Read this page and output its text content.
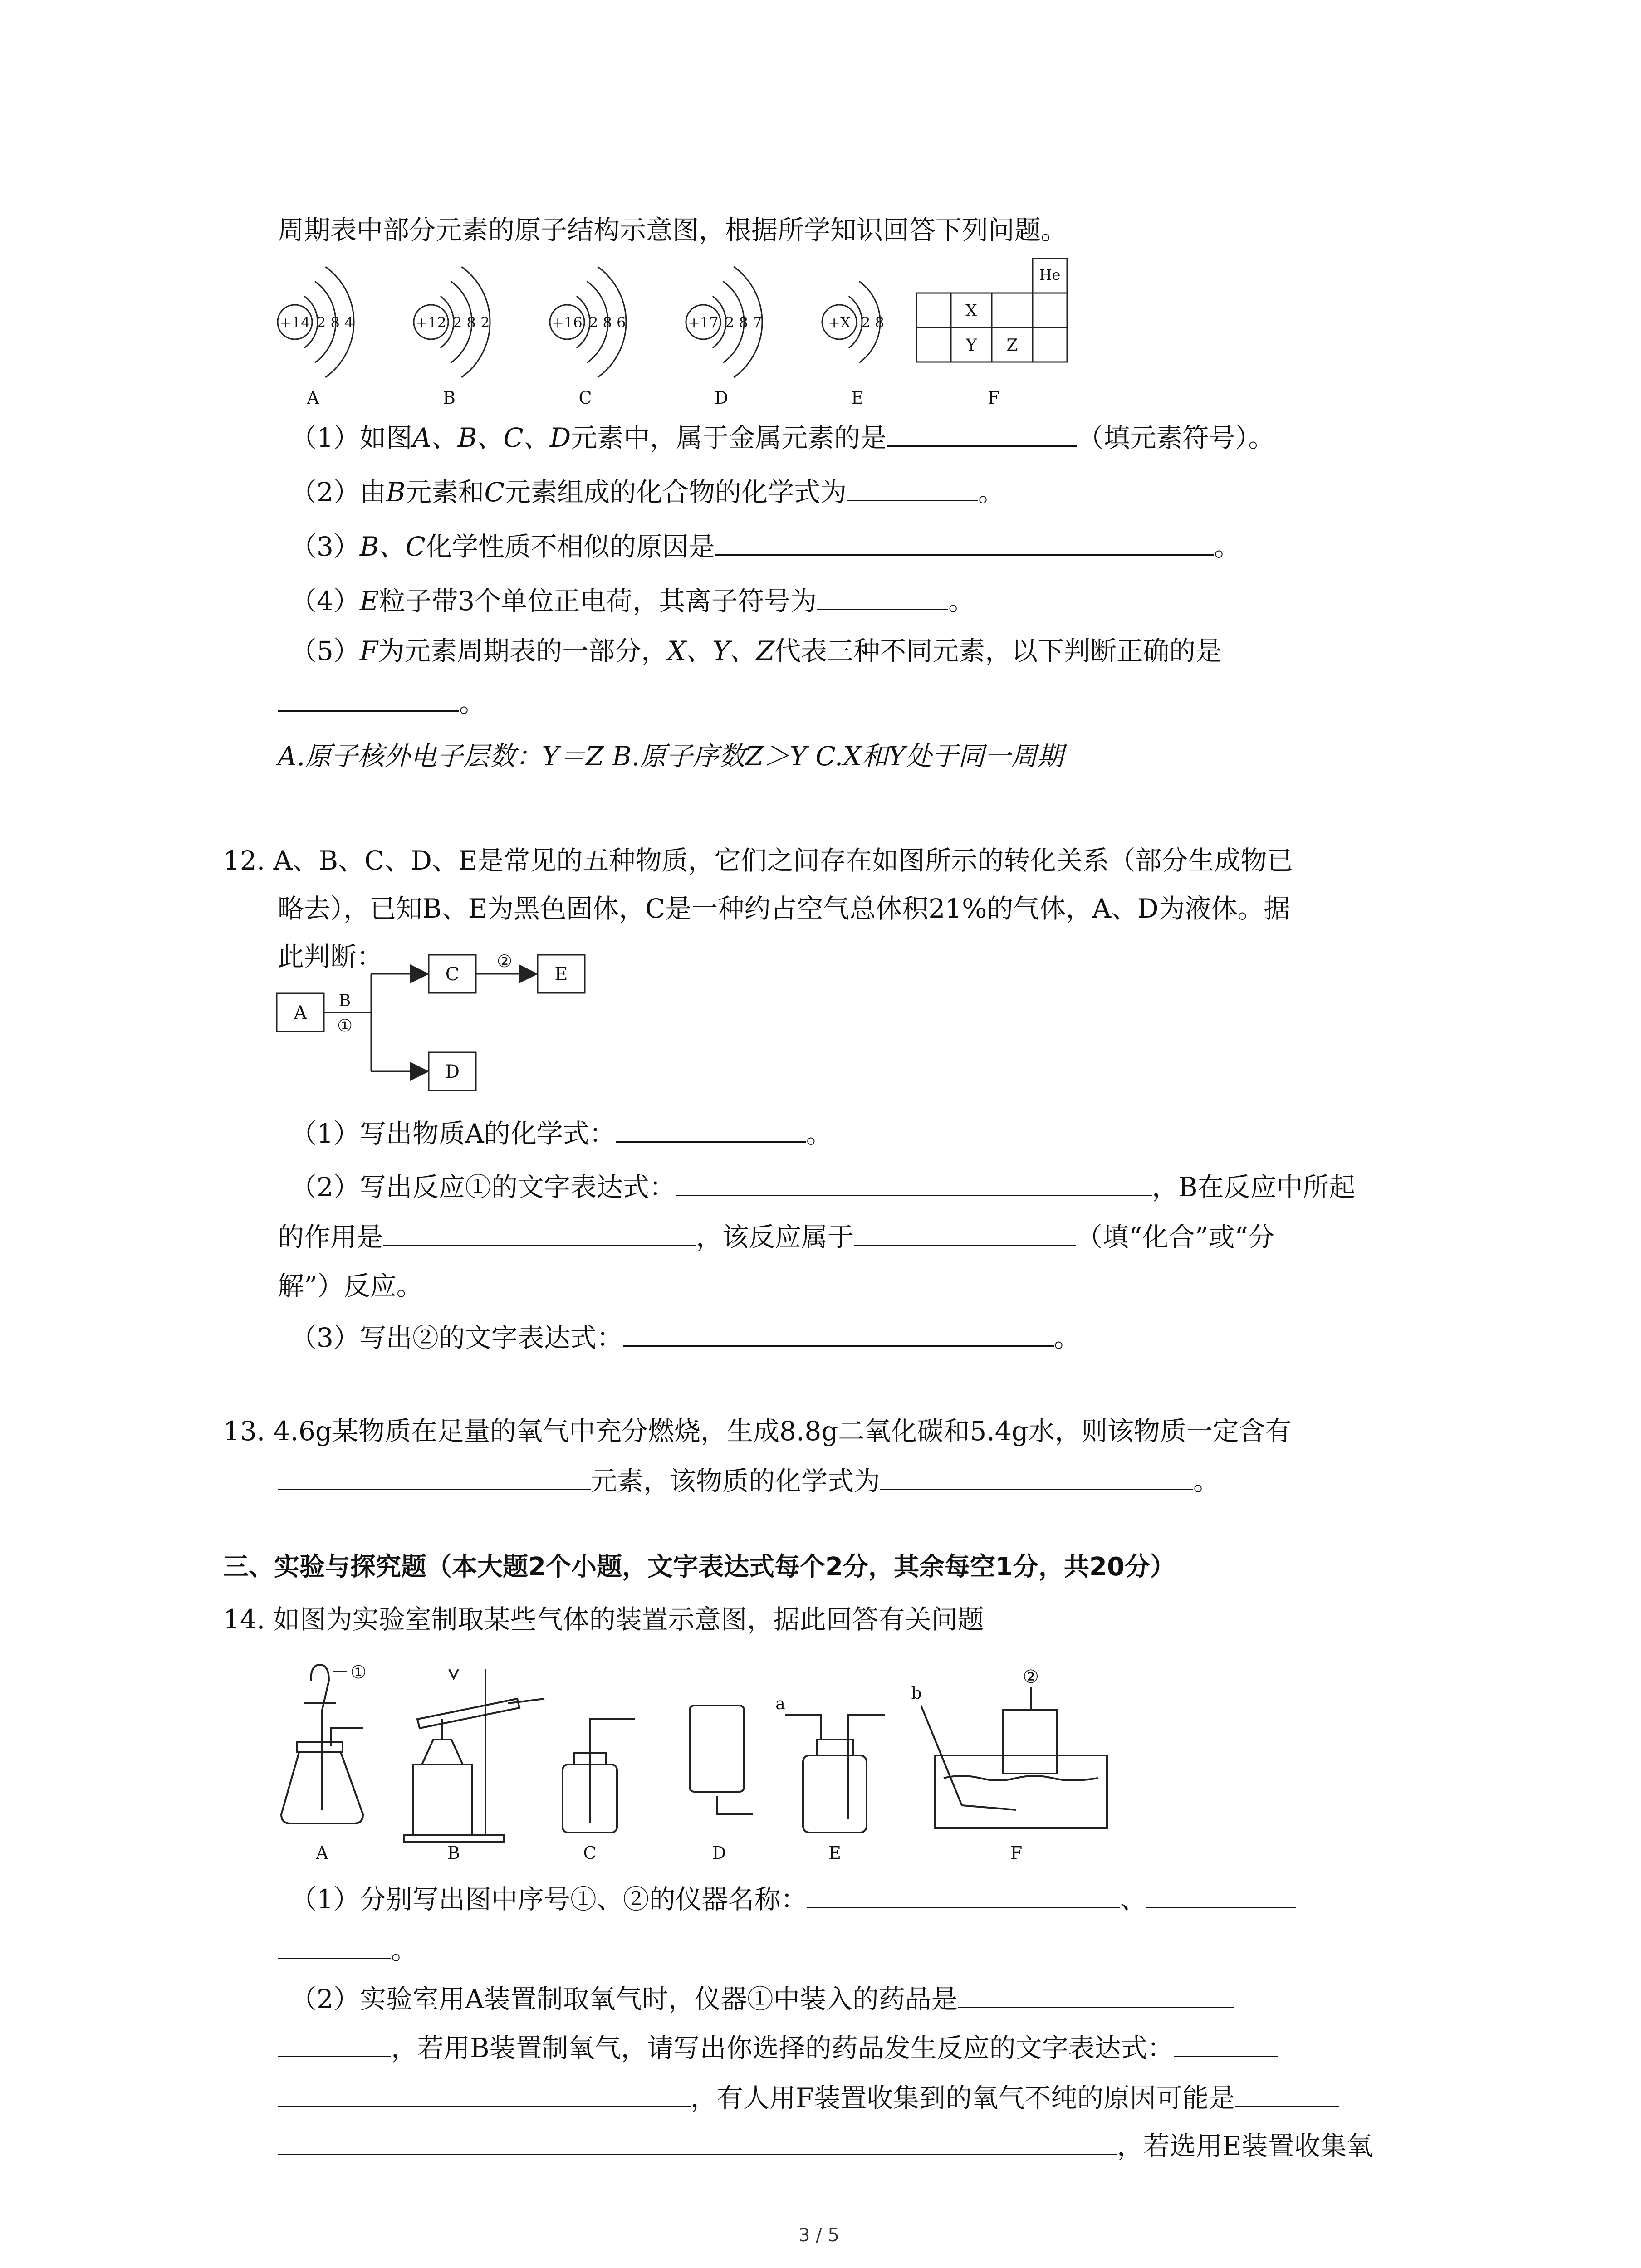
周期表中部分元素的原子结构示意图，根据所学知识回答下列问题。
+14 2 8 4
A
+12 2 8 2
B
+16 2 8 6
C
+17 2 8 7
D
+X 2 8
E
He
X
Y Z
F
（1）如图A、B、C、D元素中，属于金属元素的是	（填元素符号）。
（2）由B元素和C元素组成的化合物的化学式为	。
（3）B、C化学性质不相似的原因是	。
（4）E粒子带3个单位正电荷，其离子符号为	。
（5）F为元素周期表的一部分，X、Y、Z代表三种不同元素，以下判断正确的是
。
A.原子核外电子层数：Y＝Z B.原子序数Z＞Y C.X和Y处于同一周期
12. A、B、C、D、E是常见的五种物质，它们之间存在如图所示的转化关系（部分生成物已
略去），已知B、E为黑色固体，C是一种约占空气总体积21%的气体，A、D为液体。据
此判断：
A
C	E
D
B
①
②
（1）写出物质A的化学式：	。
（2）写出反应①的文字表达式：	，B在反应中所起
的作用是	，该反应属于	（填“化合”或“分
解”）反应。
（3）写出②的文字表达式：	。
13. 4.6g某物质在足量的氧气中充分燃烧，生成8.8g二氧化碳和5.4g水，则该物质一定含有
元素，该物质的化学式为	。
三、实验与探究题（本大题2个小题，文字表达式每个2分，其余每空1分，共20分）
14. 如图为实验室制取某些气体的装置示意图，据此回答有关问题
A	B	C	D	E	F
①	②
a
b
（1）分别写出图中序号①、②的仪器名称：	、
。
（2）实验室用A装置制取氧气时，仪器①中装入的药品是
，若用B装置制氧气，请写出你选择的药品发生反应的文字表达式：
，有人用F装置收集到的氧气不纯的原因可能是
，若选用E装置收集氧
3 / 5
